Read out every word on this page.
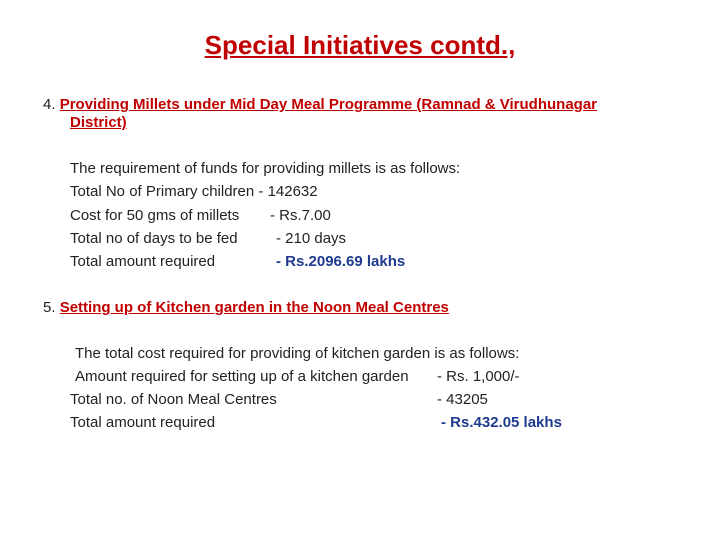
Special Initiatives contd.,
4. Providing Millets under Mid Day Meal Programme (Ramnad & Virudhunagar
District)
The requirement of funds for providing millets is as follows:
Total No of Primary children - 142632
Cost for 50 gms of millets - Rs.7.00
Total no of days to be fed	- 210 days
Total amount required	- Rs.2096.69 lakhs
5. Setting up of Kitchen garden in the Noon Meal Centres
The total cost required for providing of kitchen garden is as follows:
Amount required for setting up of a kitchen garden - Rs. 1,000/-
Total no. of Noon Meal Centres	- 43205
Total amount required	- Rs.432.05 lakhs
